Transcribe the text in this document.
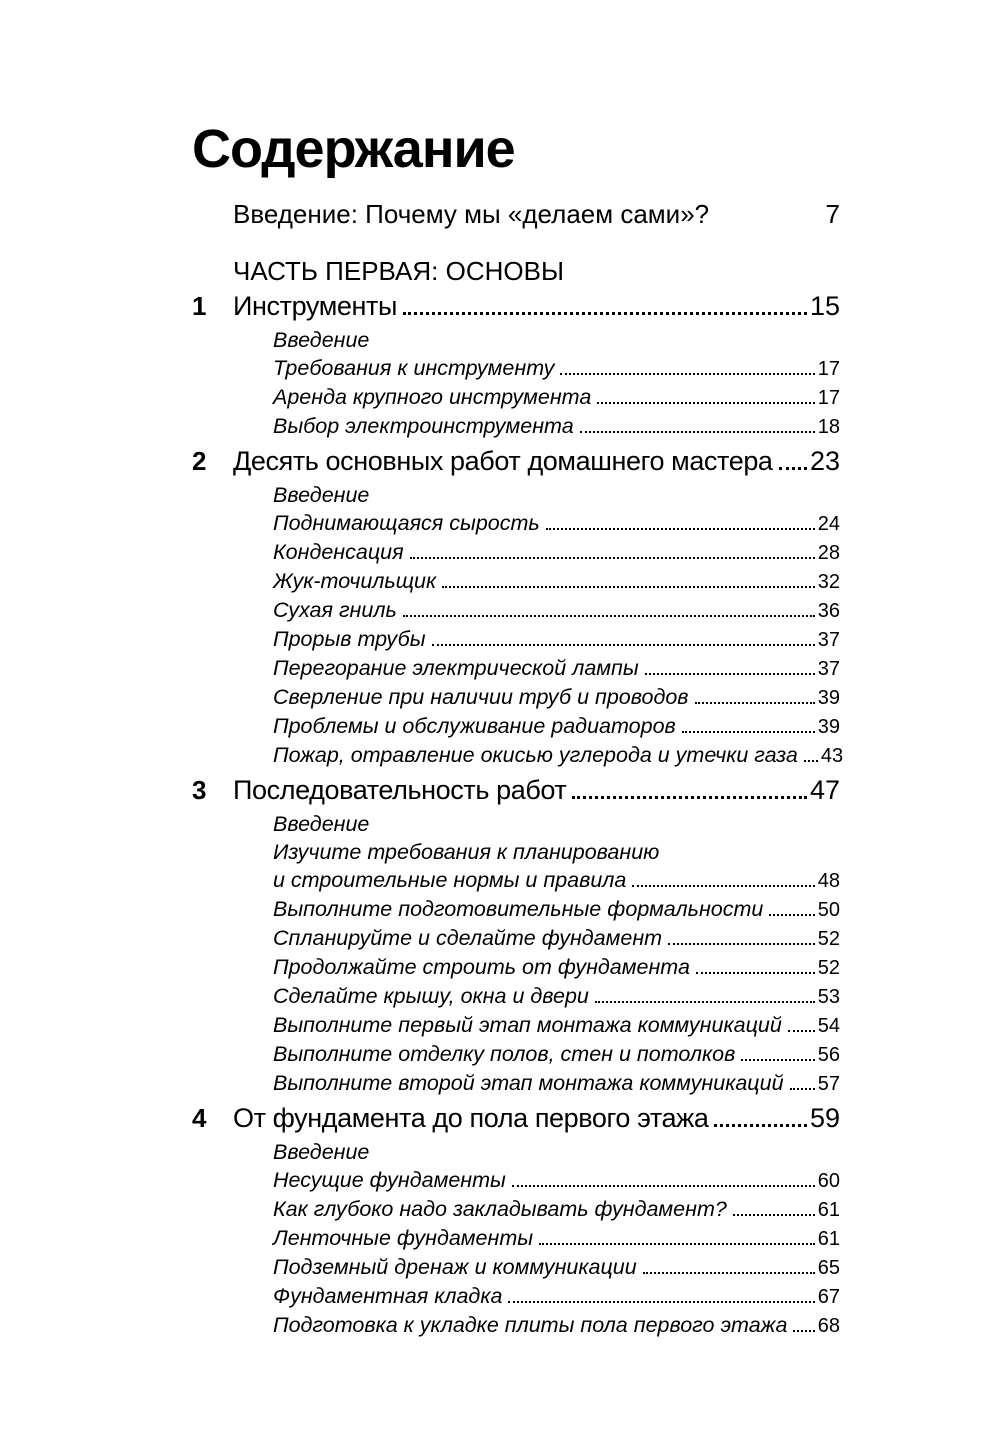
Содержание
Введение: Почему мы «делаем сами»?	7
ЧАСТЬ ПЕРВАЯ: ОСНОВЫ
1 Инструменты	15
Введение
Требования к инструменту	17
Аренда крупного инструмента	17
Выбор электроинструмента	18
2 Десять основных работ домашнего мастера 23
Введение
Поднимающаяся сырость	24
Конденсация	28
Жук-точильщик	32
Сухая гниль	36
Прорыв трубы	37
Перегорание электрической лампы	37
Сверление при наличии труб и проводов	39
Проблемы и обслуживание радиаторов	39
Пожар, отравление окисью углерода и утечки газа 43
3 Последовательность работ	47
Введение
Изучите требования к планированию
и строительные нормы и правила	48
Выполните подготовительные формальности	50
Спланируйте и сделайте фундамент	52
Продолжайте строить от фундамента	52
Сделайте крышу, окна и двери	53
Выполните первый этап монтажа коммуникаций 54
Выполните отделку полов, стен и потолков	56
Выполните второй этап монтажа коммуникаций 57
4 От фундамента до пола первого этажа	59
Введение
Несущие фундаменты	60
Как глубоко надо закладывать фундамент?	61
Ленточные фундаменты	61
Подземный дренаж и коммуникации	65
Фундаментная кладка	67
Подготовка к укладке плиты пола первого этажа 68
